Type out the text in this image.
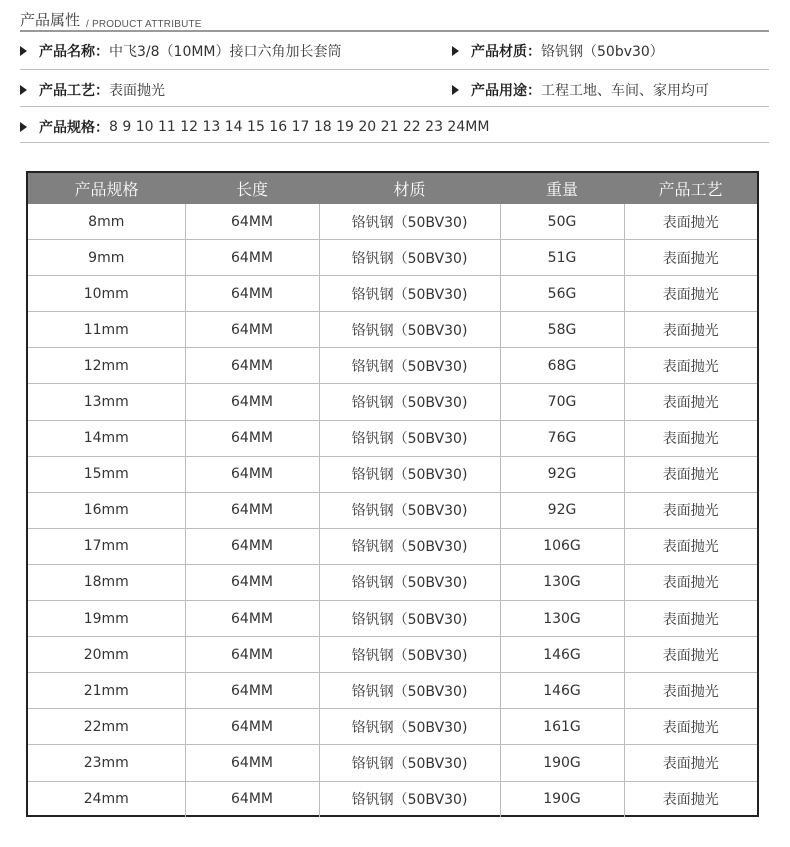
产品属性 / PRODUCT ATTRIBUTE
产品名称： 中飞3/8（10MM）接口六角加长套筒	产品材质： 铬钒钢（50bv30）
产品工艺： 表面抛光	产品用途： 工程工地、车间、家用均可
产品规格： 8 9 10 11 12 13 14 15 16 17 18 19 20 21 22 23 24MM
产品规格	长度	材质	重量	产品工艺
8mm	64MM	铬钒钢（50BV30)	50G	表面抛光
9mm	64MM	铬钒钢（50BV30)	51G	表面抛光
10mm	64MM	铬钒钢（50BV30)	56G	表面抛光
11mm	64MM	铬钒钢（50BV30)	58G	表面抛光
12mm	64MM	铬钒钢（50BV30)	68G	表面抛光
13mm	64MM	铬钒钢（50BV30)	70G	表面抛光
14mm	64MM	铬钒钢（50BV30)	76G	表面抛光
15mm	64MM	铬钒钢（50BV30)	92G	表面抛光
16mm	64MM	铬钒钢（50BV30)	92G	表面抛光
17mm	64MM	铬钒钢（50BV30)	106G	表面抛光
18mm	64MM	铬钒钢（50BV30)	130G	表面抛光
19mm	64MM	铬钒钢（50BV30)	130G	表面抛光
20mm	64MM	铬钒钢（50BV30)	146G	表面抛光
21mm	64MM	铬钒钢（50BV30)	146G	表面抛光
22mm	64MM	铬钒钢（50BV30)	161G	表面抛光
23mm	64MM	铬钒钢（50BV30)	190G	表面抛光
24mm	64MM	铬钒钢（50BV30)	190G	表面抛光
